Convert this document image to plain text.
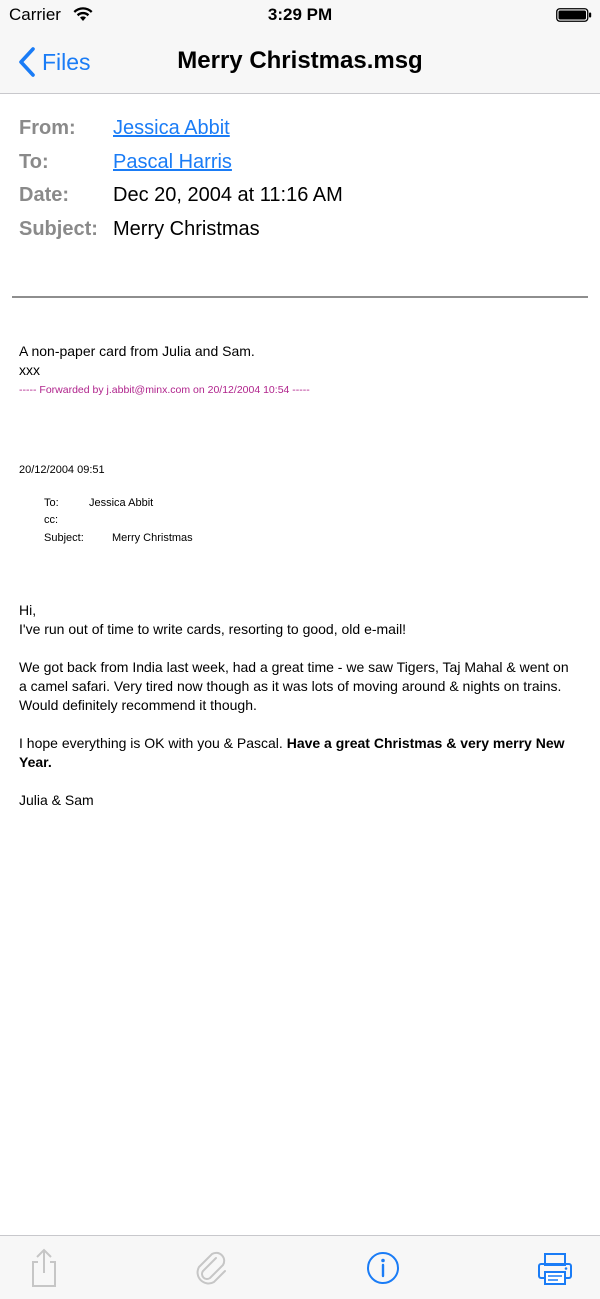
Carrier	3:29 PM
Files	Merry Christmas.msg
From:	Jessica Abbit
To:	Pascal Harris
Date:	Dec 20, 2004 at 11:16 AM
Subject: Merry Christmas
A non-paper card from Julia and Sam.
xxx
----- Forwarded by j.abbit@minx.com on 20/12/2004 10:54 -----
20/12/2004 09:51
To:	Jessica Abbit
cc:
Subject:	Merry Christmas
Hi,
I've run out of time to write cards, resorting to good, old e-mail!
We got back from India last week, had a great time - we saw Tigers, Taj Mahal & went on a camel safari. Very tired now though as it was lots of moving around & nights on trains. Would definitely recommend it though.
I hope everything is OK with you & Pascal. Have a great Christmas & very merry New Year.
Julia & Sam
